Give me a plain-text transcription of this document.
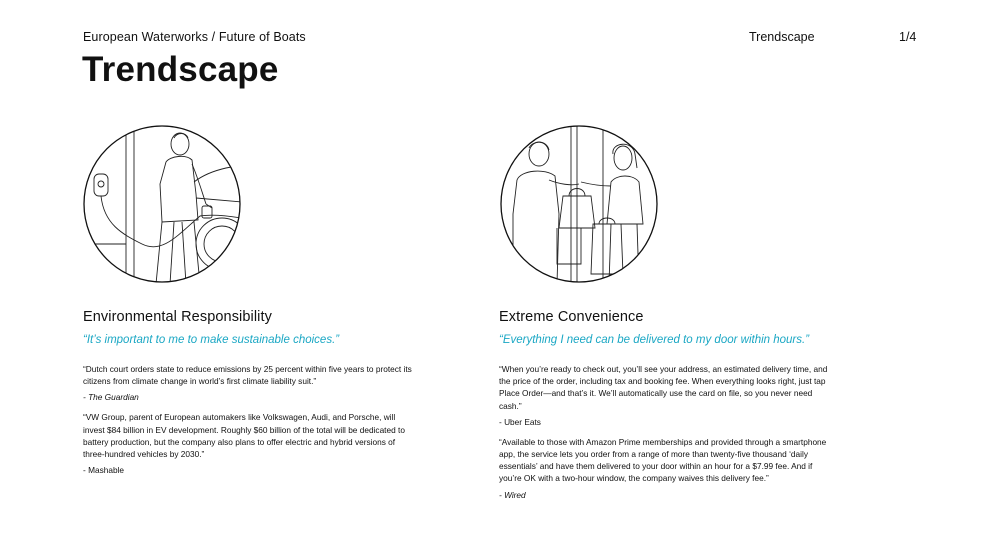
European Waterworks / Future of Boats	Trendscape	1/4
Trendscape
Environmental Responsibility

“It’s important to me to make sustainable choices.”

“Dutch court orders state to reduce emissions by 25 percent within five years to protect its citizens from climate change in world’s first climate liability suit.”

- The Guardian

“VW Group, parent of European automakers like Volkswagen, Audi, and Porsche, will invest $84 billion in EV development. Roughly $60 billion of the total will be dedicated to battery production, but the company also plans to offer electric and hybrid versions of three-hundred vehicles by 2030.”

- Mashable

Extreme Convenience

“Everything I need can be delivered to my door within hours.”

“When you’re ready to check out, you’ll see your address, an estimated delivery time, and the price of the order, including tax and booking fee. When everything looks right, just tap Place Order—and that’s it. We’ll automatically use the card on file, so you never need cash.”

- Uber Eats

“Available to those with Amazon Prime memberships and provided through a smartphone app, the service lets you order from a range of more than twenty-five thousand ‘daily essentials’ and have them delivered to your door within an hour for a $7.99 fee. And if you’re OK with a two-hour window, the company waives this delivery fee.”

- Wired
